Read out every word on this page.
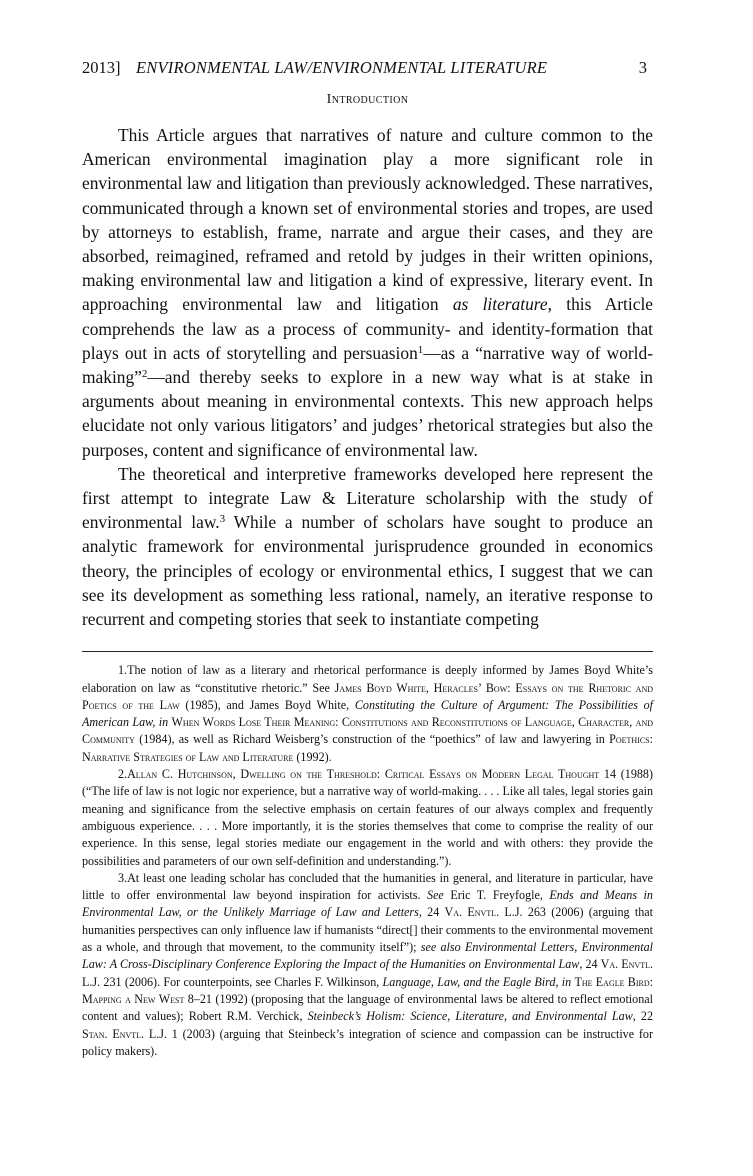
2013] ENVIRONMENTAL LAW/ENVIRONMENTAL LITERATURE	3
Introduction

This Article argues that narratives of nature and culture common to the American environmental imagination play a more significant role in environmental law and litigation than previously acknowledged. These narratives, communicated through a known set of environmental stories and tropes, are used by attorneys to establish, frame, narrate and argue their cases, and they are absorbed, reimagined, reframed and retold by judges in their written opinions, making environmental law and litigation a kind of expressive, literary event. In approaching environmental law and litigation as literature, this Article comprehends the law as a process of community- and identity-formation that plays out in acts of storytelling and persuasion$^1$—as a “narrative way of world-making”$^2$—and thereby seeks to explore in a new way what is at stake in arguments about meaning in environmental contexts. This new approach helps elucidate not only various litigators’ and judges’ rhetorical strategies but also the purposes, content and significance of environmental law.

The theoretical and interpretive frameworks developed here represent the first attempt to integrate Law & Literature scholarship with the study of environmental law.$^3$ While a number of scholars have sought to produce an analytic framework for environmental jurisprudence grounded in economics theory, the principles of ecology or environmental ethics, I suggest that we can see its development as something less rational, namely, an iterative response to recurrent and competing stories that seek to instantiate competing

1.The notion of law as a literary and rhetorical performance is deeply informed by James Boyd White’s elaboration on law as “constitutive rhetoric.” See James Boyd White, Heracles’ Bow: Essays on the Rhetoric and Poetics of the Law (1985), and James Boyd White, Constituting the Culture of Argument: The Possibilities of American Law, in When Words Lose Their Meaning: Constitutions and Reconstitutions of Language, Character, and Community (1984), as well as Richard Weisberg’s construction of the “poethics” of law and lawyering in Poethics: Narrative Strategies of Law and Literature (1992).

2.Allan C. Hutchinson, Dwelling on the Threshold: Critical Essays on Modern Legal Thought 14 (1988) (“The life of law is not logic nor experience, but a narrative way of world-making. . . . Like all tales, legal stories gain meaning and significance from the selective emphasis on certain features of our always complex and frequently ambiguous experience. . . . More importantly, it is the stories themselves that come to comprise the reality of our experience. In this sense, legal stories mediate our engagement in the world and with others: they provide the possibilities and parameters of our own self-definition and understanding.”).

3.At least one leading scholar has concluded that the humanities in general, and literature in particular, have little to offer environmental law beyond inspiration for activists. See Eric T. Freyfogle, Ends and Means in Environmental Law, or the Unlikely Marriage of Law and Letters, 24 Va. Envtl. L.J. 263 (2006) (arguing that humanities perspectives can only influence law if humanists “direct[] their comments to the environmental movement as a whole, and through that movement, to the community itself”); see also Environmental Letters, Environmental Law: A Cross-Disciplinary Conference Exploring the Impact of the Humanities on Environmental Law, 24 Va. Envtl. L.J. 231 (2006). For counterpoints, see Charles F. Wilkinson, Language, Law, and the Eagle Bird, in The Eagle Bird: Mapping a New West 8–21 (1992) (proposing that the language of environmental laws be altered to reflect emotional content and values); Robert R.M. Verchick, Steinbeck’s Holism: Science, Literature, and Environmental Law, 22 Stan. Envtl. L.J. 1 (2003) (arguing that Steinbeck’s integration of science and compassion can be instructive for policy makers).
